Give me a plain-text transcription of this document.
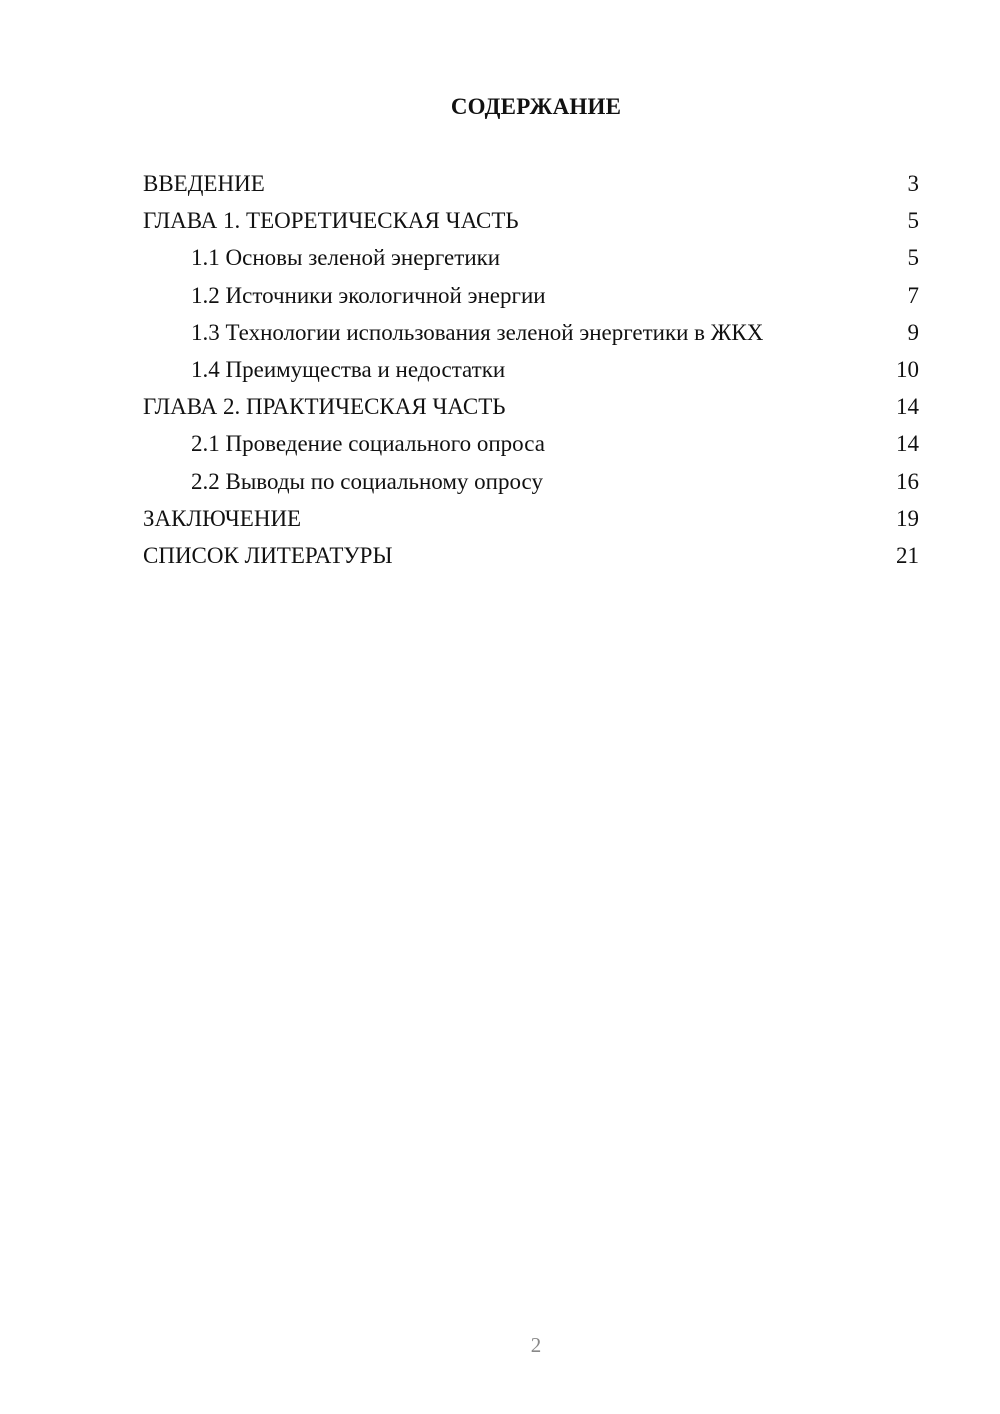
СОДЕРЖАНИЕ
ВВЕДЕНИЕ	3
ГЛАВА 1. ТЕОРЕТИЧЕСКАЯ ЧАСТЬ	5
1.1 Основы зеленой энергетики	5
1.2 Источники экологичной энергии	7
1.3 Технологии использования зеленой энергетики в ЖКХ	9
1.4 Преимущества и недостатки	10
ГЛАВА 2. ПРАКТИЧЕСКАЯ ЧАСТЬ	14
2.1 Проведение социального опроса	14
2.2 Выводы по социальному опросу	16
ЗАКЛЮЧЕНИЕ	19
СПИСОК ЛИТЕРАТУРЫ	21

2
